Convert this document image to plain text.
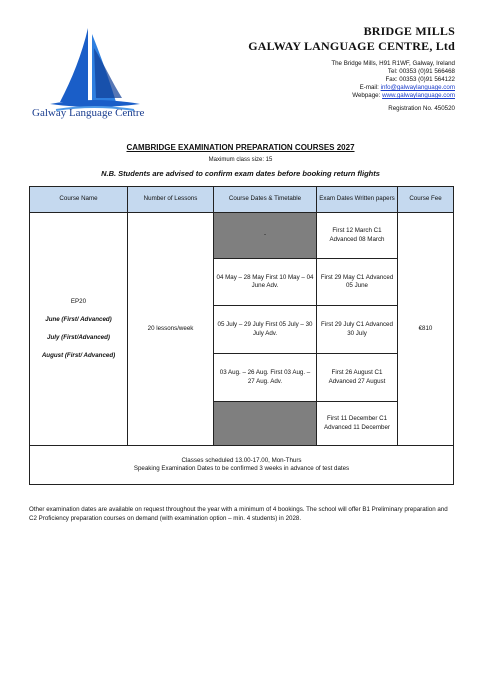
Galway Language Centre
BRIDGE MILLS
GALWAY LANGUAGE CENTRE, Ltd
The Bridge Mills, H91 R1WF, Galway, Ireland
Tel: 00353 (0)91 566468
Fax: 00353 (0)91 564122
E-mail: info@galwaylanguage.com
Webpage: www.galwaylanguage.com
Registration No. 450520
CAMBRIDGE EXAMINATION PREPARATION COURSES 2027
Maximum class size: 15
N.B. Students are advised to confirm exam dates before booking return flights
Course Name	Number of Lessons	Course Dates & Timetable	Exam Dates Written papers	Course Fee
EP20
June (First/ Advanced)
July (First/Advanced)
August (First/ Advanced)	20 lessons/week	-	First 12 March C1 Advanced 08 March	€810
		04 May – 28 May First 10 May – 04 June Adv.	First 29 May C1 Advanced 05 June	
		05 July – 29 July First 05 July – 30 July Adv.	First 29 July C1 Advanced 30 July	
		03 Aug. – 26 Aug. First 03 Aug. – 27 Aug. Adv.	First 26 August C1 Advanced 27 August	
			First 11 December C1 Advanced 11 December	

Classes scheduled 13.00-17.00, Mon-Thurs
Speaking Examination Dates to be confirmed 3 weeks in advance of test dates				
Other examination dates are available on request throughout the year with a minimum of 4 bookings. The school will offer B1 Preliminary preparation and C2 Proficiency preparation courses on demand (with examination option – min. 4 students) in 2028.
